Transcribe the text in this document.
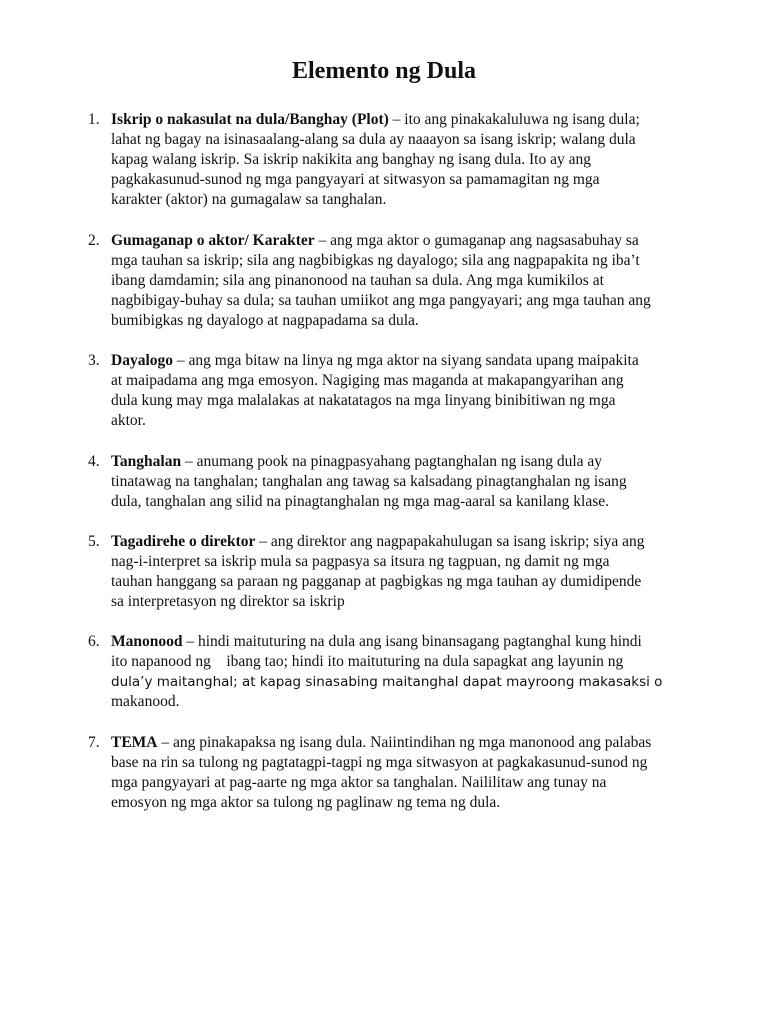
Elemento ng Dula
1. Iskrip o nakasulat na dula/Banghay (Plot) – ito ang pinakakaluluwa ng isang dula;
lahat ng bagay na isinasaalang-alang sa dula ay naaayon sa isang iskrip; walang dula
kapag walang iskrip. Sa iskrip nakikita ang banghay ng isang dula. Ito ay ang
pagkakasunud-sunod ng mga pangyayari at sitwasyon sa pamamagitan ng mga
karakter (aktor) na gumagalaw sa tanghalan.
2. Gumaganap o aktor/ Karakter – ang mga aktor o gumaganap ang nagsasabuhay sa
mga tauhan sa iskrip; sila ang nagbibigkas ng dayalogo; sila ang nagpapakita ng iba’t
ibang damdamin; sila ang pinanonood na tauhan sa dula. Ang mga kumikilos at
nagbibigay-buhay sa dula; sa tauhan umiikot ang mga pangyayari; ang mga tauhan ang
bumibigkas ng dayalogo at nagpapadama sa dula.
3. Dayalogo – ang mga bitaw na linya ng mga aktor na siyang sandata upang maipakita
at maipadama ang mga emosyon. Nagiging mas maganda at makapangyarihan ang
dula kung may mga malalakas at nakatatagos na mga linyang binibitiwan ng mga
aktor.
4. Tanghalan – anumang pook na pinagpasyahang pagtanghalan ng isang dula ay
tinatawag na tanghalan; tanghalan ang tawag sa kalsadang pinagtanghalan ng isang
dula, tanghalan ang silid na pinagtanghalan ng mga mag-aaral sa kanilang klase.
5. Tagadirehe o direktor – ang direktor ang nagpapakahulugan sa isang iskrip; siya ang
nag-i-interpret sa iskrip mula sa pagpasya sa itsura ng tagpuan, ng damit ng mga
tauhan hanggang sa paraan ng pagganap at pagbigkas ng mga tauhan ay dumidipende
sa interpretasyon ng direktor sa iskrip
6. Manonood – hindi maituturing na dula ang isang binansagang pagtanghal kung hindi
ito napanood ng    ibang tao; hindi ito maituturing na dula sapagkat ang layunin ng
dula’y maitanghal; at kapag sinasabing maitanghal dapat mayroong makasaksi o
makanood.
7. TEMA – ang pinakapaksa ng isang dula. Naiintindihan ng mga manonood ang palabas
base na rin sa tulong ng pagtatagpi-tagpi ng mga sitwasyon at pagkakasunud-sunod ng
mga pangyayari at pag-aarte ng mga aktor sa tanghalan. Naililitaw ang tunay na
emosyon ng mga aktor sa tulong ng paglinaw ng tema ng dula.
